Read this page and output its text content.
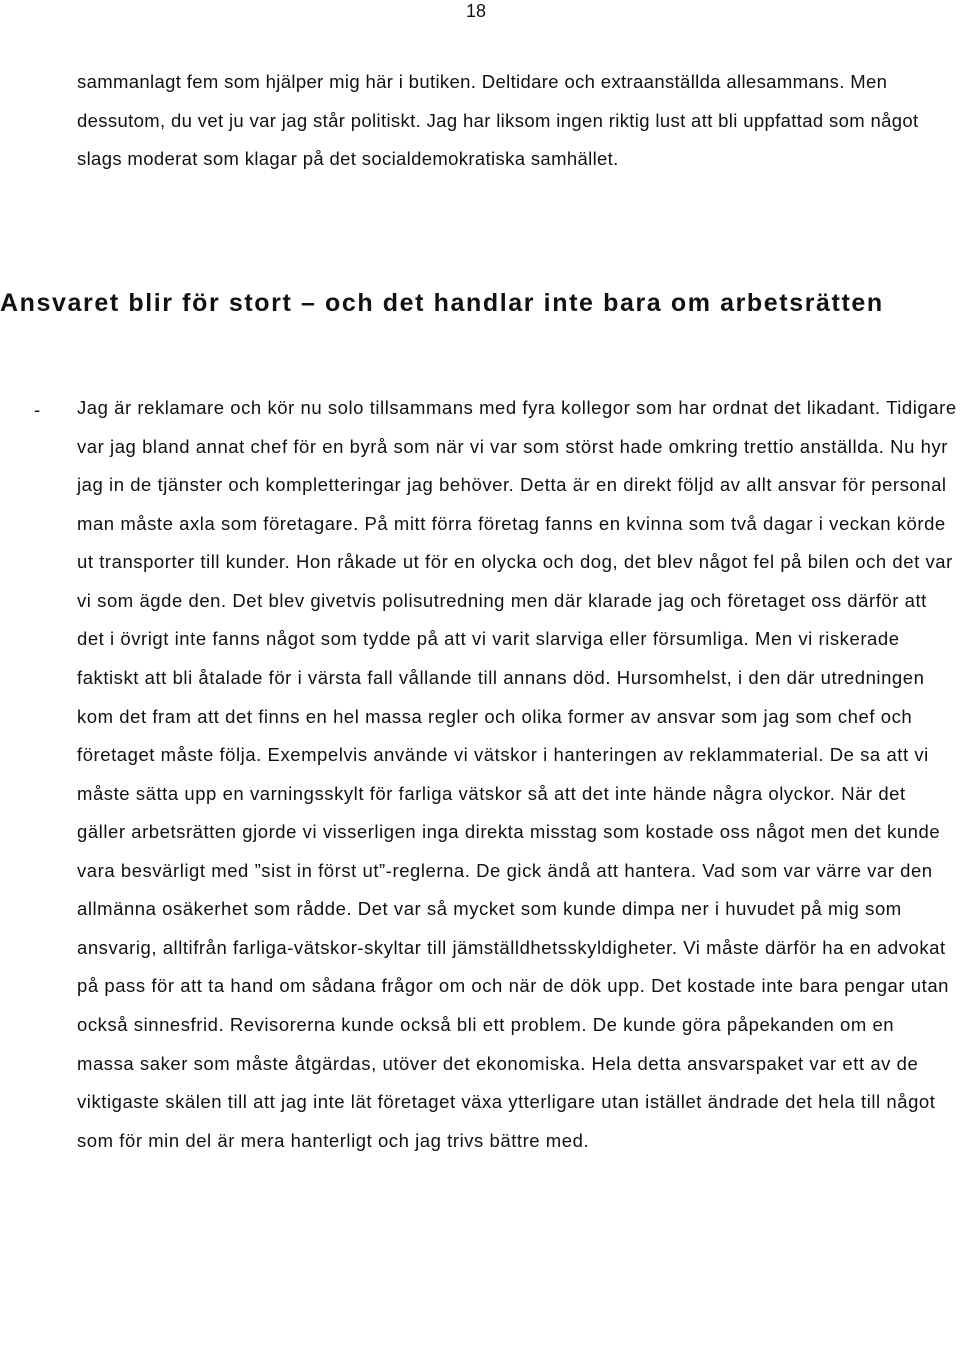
18

sammanlagt fem som hjälper mig här i butiken. Deltidare och extraanställda allesammans. Men dessutom, du vet ju var jag står politiskt. Jag har liksom ingen riktig lust att bli uppfattad som något slags moderat som klagar på det socialdemokratiska samhället.

Ansvaret blir för stort – och det handlar inte bara om arbetsrätten
- Jag är reklamare och kör nu solo tillsammans med fyra kollegor som har ordnat det likadant. Tidigare var jag bland annat chef för en byrå som när vi var som störst hade omkring trettio anställda. Nu hyr jag in de tjänster och kompletteringar jag behöver. Detta är en direkt följd av allt ansvar för personal man måste axla som företagare. På mitt förra företag fanns en kvinna som två dagar i veckan körde ut transporter till kunder. Hon råkade ut för en olycka och dog, det blev något fel på bilen och det var vi som ägde den. Det blev givetvis polisutredning men där klarade jag och företaget oss därför att det i övrigt inte fanns något som tydde på att vi varit slarviga eller försumliga. Men vi riskerade faktiskt att bli åtalade för i värsta fall vållande till annans död. Hursomhelst, i den där utredningen kom det fram att det finns en hel massa regler och olika former av ansvar som jag som chef och företaget måste följa. Exempelvis använde vi vätskor i hanteringen av reklammaterial. De sa att vi måste sätta upp en varningsskylt för farliga vätskor så att det inte hände några olyckor. När det gäller arbetsrätten gjorde vi visserligen inga direkta misstag som kostade oss något men det kunde vara besvärligt med ”sist in först ut”-reglerna. De gick ändå att hantera. Vad som var värre var den allmänna osäkerhet som rådde. Det var så mycket som kunde dimpa ner i huvudet på mig som ansvarig, alltifrån farliga-vätskor-skyltar till jämställdhetsskyldigheter. Vi måste därför ha en advokat på pass för att ta hand om sådana frågor om och när de dök upp. Det kostade inte bara pengar utan också sinnesfrid. Revisorerna kunde också bli ett problem. De kunde göra påpekanden om en massa saker som måste åtgärdas, utöver det ekonomiska. Hela detta ansvarspaket var ett av de viktigaste skälen till att jag inte lät företaget växa ytterligare utan istället ändrade det hela till något som för min del är mera hanterligt och jag trivs bättre med.
